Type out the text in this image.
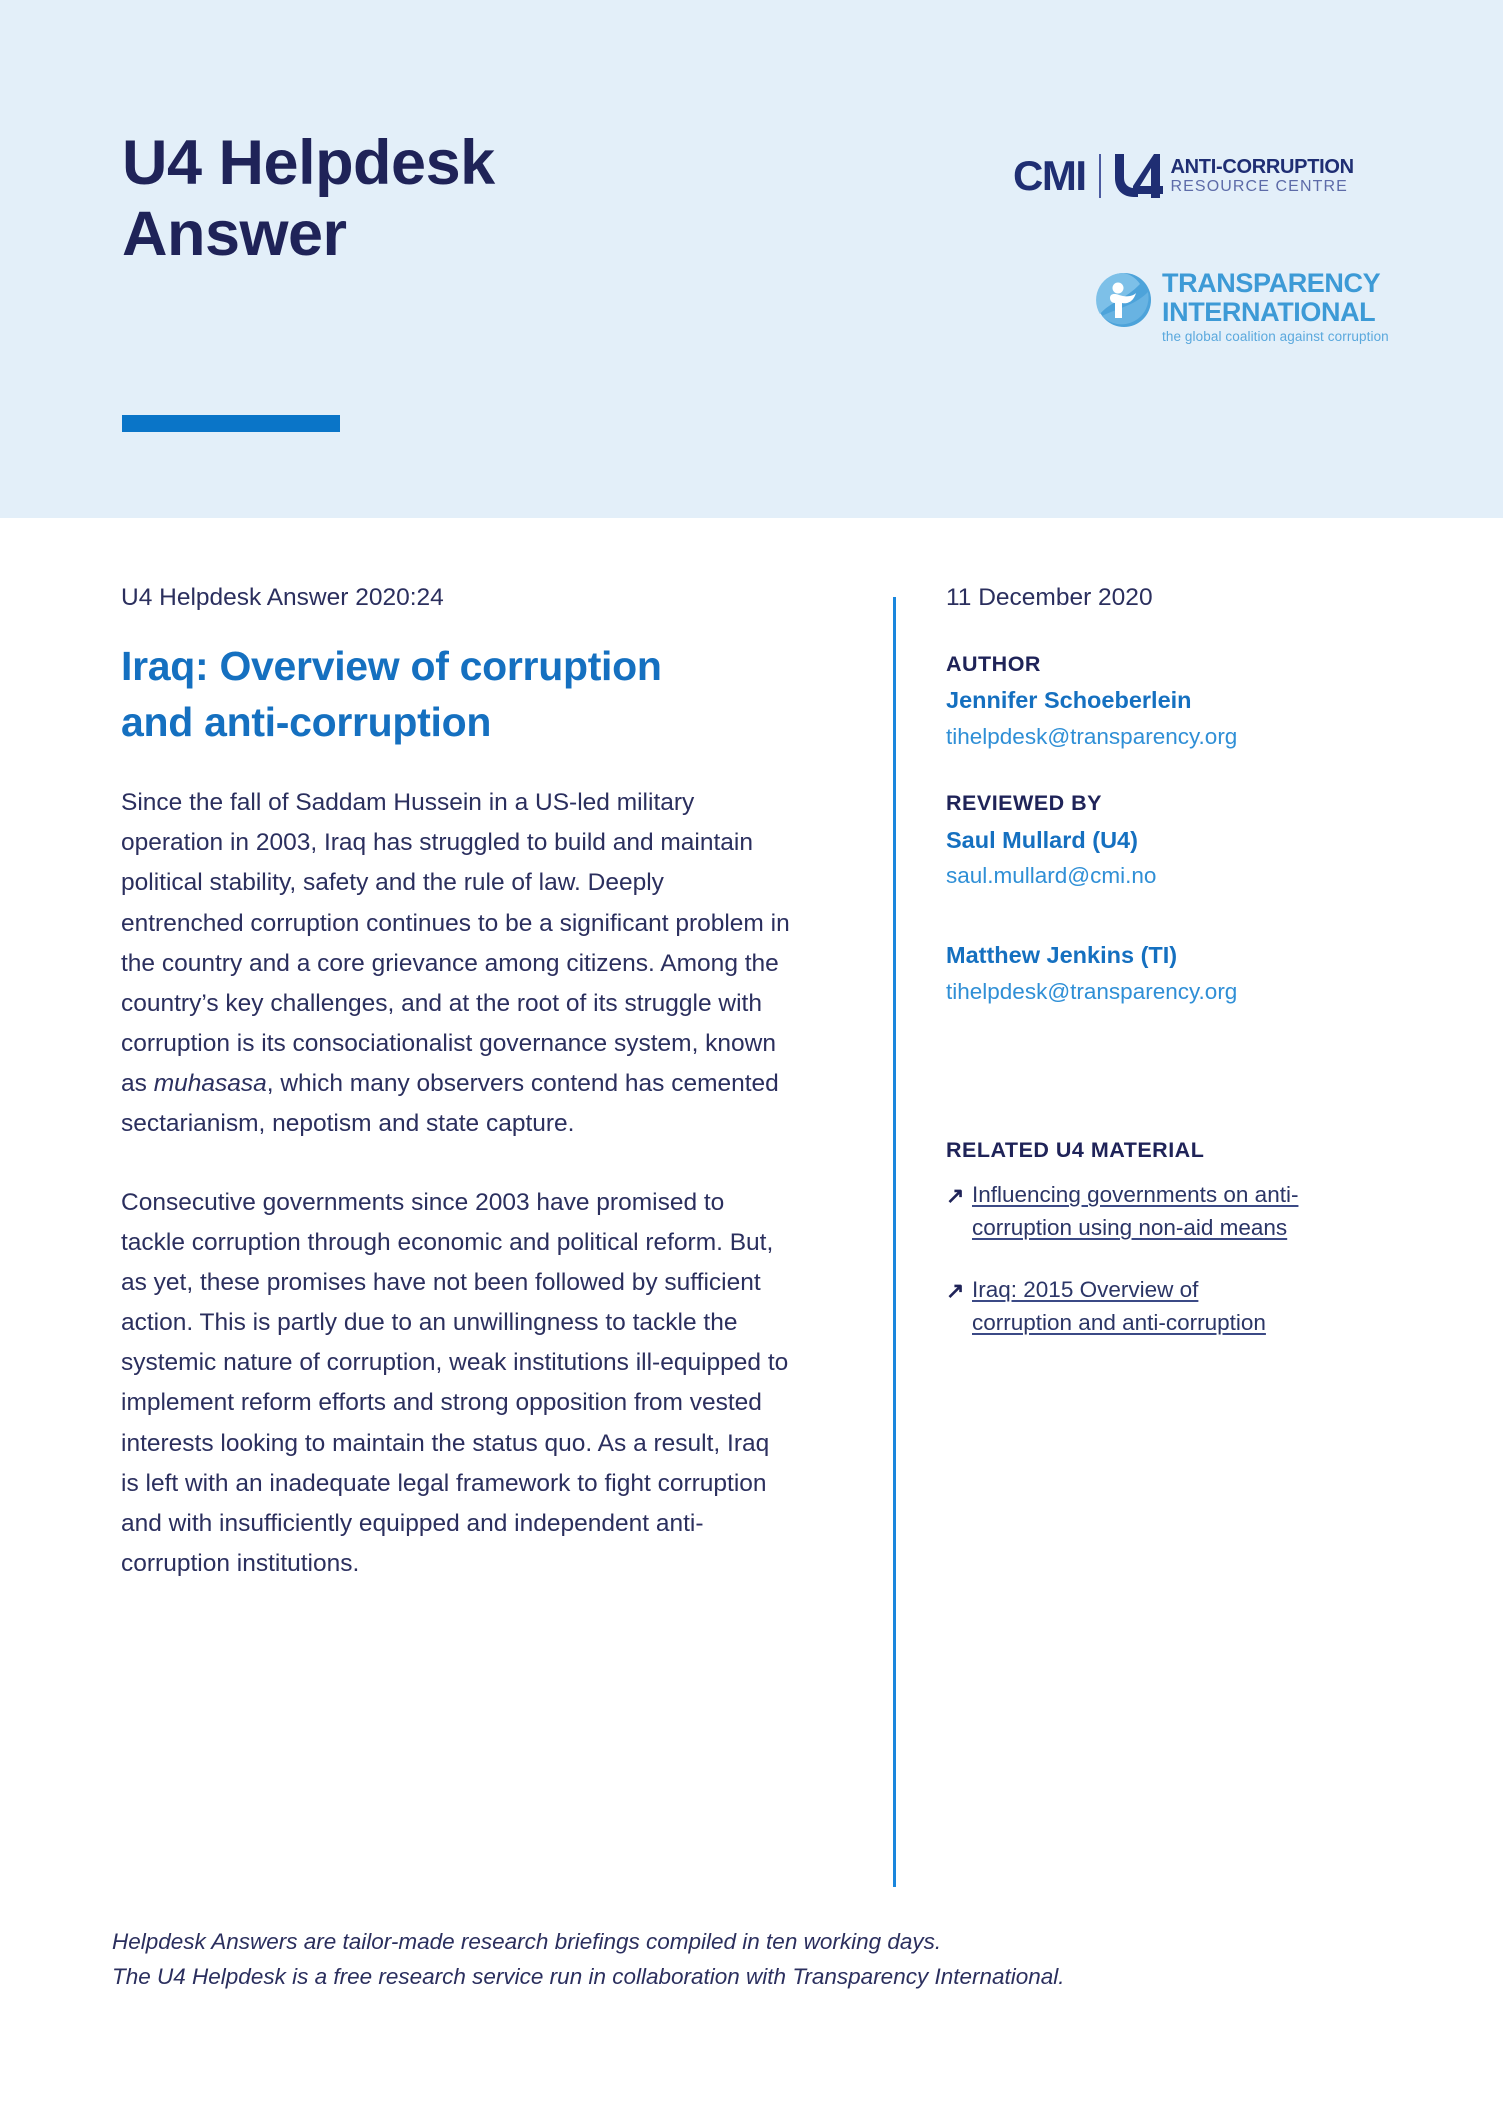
U4 Helpdesk
Answer
CMI	ANTI-CORRUPTION
RESOURCE CENTRE
TRANSPARENCY
INTERNATIONAL
the global coalition against corruption
U4 Helpdesk Answer 2020:24
Iraq: Overview of corruption and anti-corruption

Since the fall of Saddam Hussein in a US-led military operation in 2003, Iraq has struggled to build and maintain political stability, safety and the rule of law. Deeply entrenched corruption continues to be a significant problem in the country and a core grievance among citizens. Among the country’s key challenges, and at the root of its struggle with corruption is its consociationalist governance system, known as muhasasa, which many observers contend has cemented sectarianism, nepotism and state capture.

Consecutive governments since 2003 have promised to tackle corruption through economic and political reform. But, as yet, these promises have not been followed by sufficient action. This is partly due to an unwillingness to tackle the systemic nature of corruption, weak institutions ill-equipped to implement reform efforts and strong opposition from vested interests looking to maintain the status quo. As a result, Iraq is left with an inadequate legal framework to fight corruption and with insufficiently equipped and independent anti-corruption institutions.

11 December 2020
AUTHOR
Jennifer Schoeberlein
tihelpdesk@transparency.org
REVIEWED BY
Saul Mullard (U4)
saul.mullard@cmi.no
Matthew Jenkins (TI)
tihelpdesk@transparency.org
RELATED U4 MATERIAL
↗ Influencing governments on anti-corruption using non-aid means
↗ Iraq: 2015 Overview of corruption and anti-corruption
Helpdesk Answers are tailor-made research briefings compiled in ten working days.
The U4 Helpdesk is a free research service run in collaboration with Transparency International.
